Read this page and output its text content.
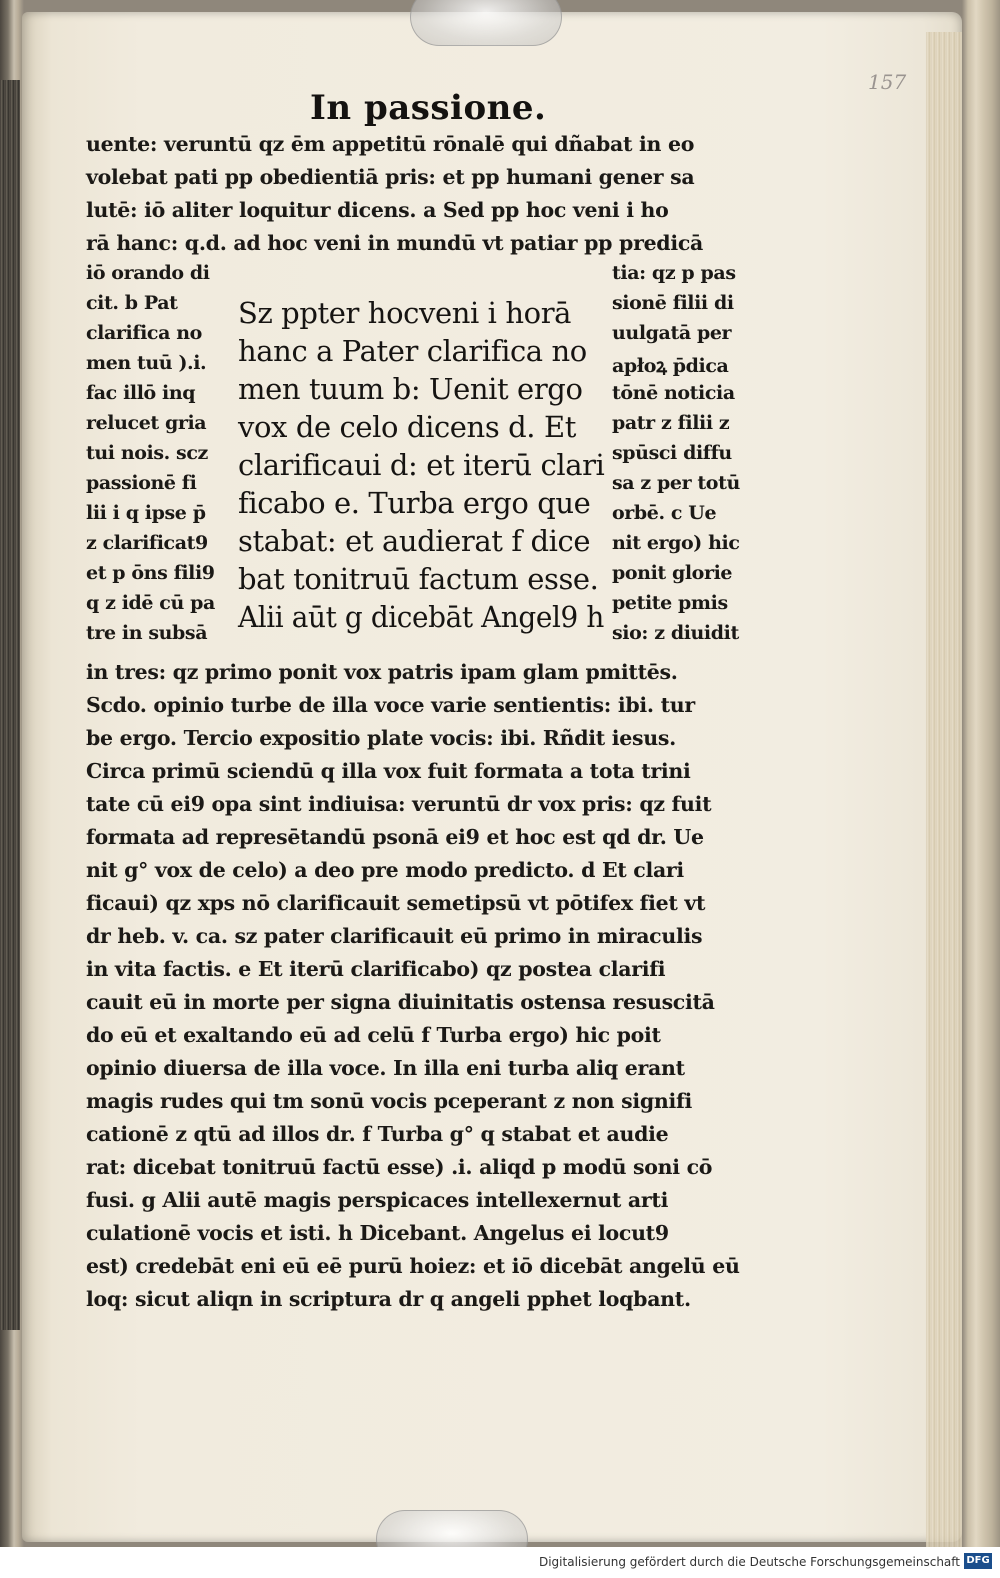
157
In passione.
uente: veruntū qz ēm appetitū rōnalē qui dñabat in eo
volebat pati pp obedientiā pris: et pp humani gener sa
lutē: iō aliter loquitur dicens. a Sed pp hoc veni i ho
rā hanc: q.d. ad hoc veni in mundū vt patiar pp predicā
iō orando di
cit. b Pat
clarifica no
men tuū ).i.
fac illō inq
relucet gria
tui nois. scz
passionē fi
lii i q ipse p̄
z clarificat9
et p ōns fili9
q z idē cū pa
tre in subsā
tia: qz p pas
sionē filii di
uulgatā per
apłoꝝ p̄dica
tōnē noticia
patr z filii z
spūsci diffu
sa z per totū
orbē. c Ue
nit ergo) hic
ponit glorie
petite pmis
sio: z diuidit
Sz ppter hocveni i horā
hanc a Pater clarifica no
men tuum b: Uenit ergo
vox de celo dicens d. Et
clarificaui d: et iterū clari
ficabo e. Turba ergo que
stabat: et audierat f dice
bat tonitruū factum esse.
Alii aūt g dicebāt Angel9 h
in tres: qz primo ponit vox patris ipam glam pmittēs.
Scdo. opinio turbe de illa voce varie sentientis: ibi. tur
be ergo. Tercio expositio plate vocis: ibi. Rñdit iesus.
Circa primū sciendū q illa vox fuit formata a tota trini
tate cū ei9 opa sint indiuisa: veruntū dr vox pris: qz fuit
formata ad represētandū psonā ei9 et hoc est qd dr. Ue
nit g° vox de celo) a deo pre modo predicto. d Et clari
ficaui) qz xps nō clarificauit semetipsū vt pōtifex fiet vt
dr heb. v. ca. sz pater clarificauit eū primo in miraculis
in vita factis. e Et iterū clarificabo) qz postea clarifi
cauit eū in morte per signa diuinitatis ostensa resuscitā
do eū et exaltando eū ad celū f Turba ergo) hic poit
opinio diuersa de illa voce. In illa eni turba aliq erant
magis rudes qui tm sonū vocis pceperant z non signifi
cationē z qtū ad illos dr. f Turba g° q stabat et audie
rat: dicebat tonitruū factū esse) .i. aliqd p modū soni cō
fusi. g Alii autē magis perspicaces intellexernut arti
culationē vocis et isti. h Dicebant. Angelus ei locut9
est) credebāt eni eū eē purū hoiez: et iō dicebāt angelū eū
loq: sicut aliqn in scriptura dr q angeli pphet loqbant.
Digitalisierung gefördert durch die Deutsche Forschungsgemeinschaft DFG
